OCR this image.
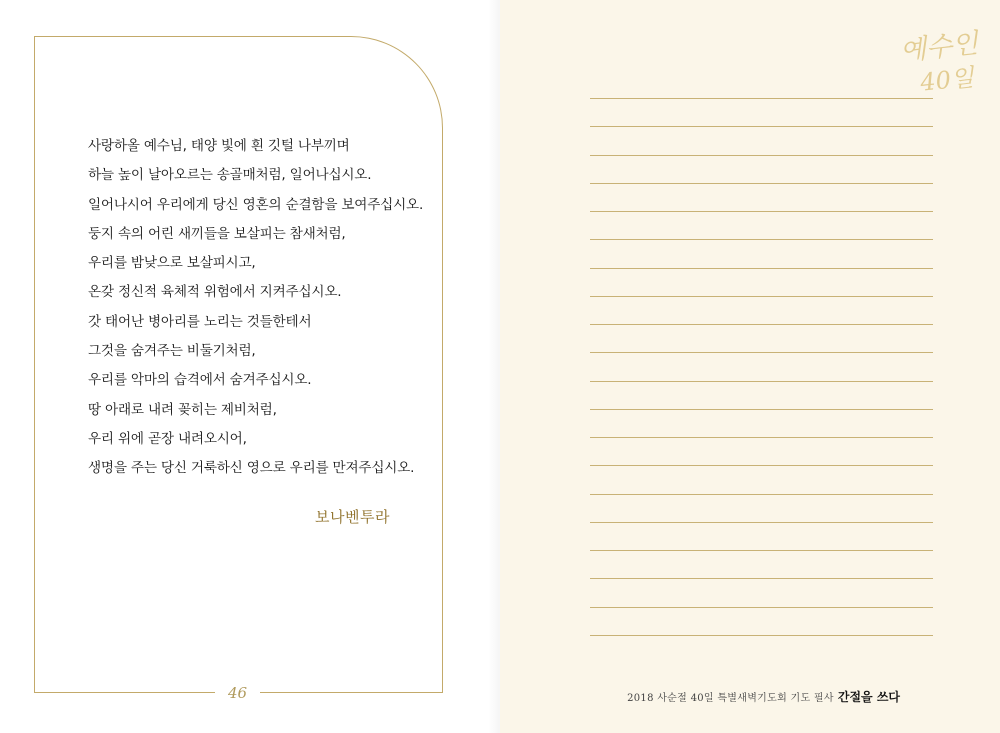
46
사랑하올 예수님, 태양 빛에 흰 깃털 나부끼며
하늘 높이 날아오르는 송골매처럼, 일어나십시오.
일어나시어 우리에게 당신 영혼의 순결함을 보여주십시오.
둥지 속의 어린 새끼들을 보살피는 참새처럼,
우리를 밤낮으로 보살피시고,
온갖 정신적 육체적 위험에서 지켜주십시오.
갓 태어난 병아리를 노리는 것들한테서
그것을 숨겨주는 비둘기처럼,
우리를 악마의 습격에서 숨겨주십시오.
땅 아래로 내려 꽂히는 제비처럼,
우리 위에 곧장 내려오시어,
생명을 주는 당신 거룩하신 영으로 우리를 만져주십시오.
보나벤투라
예수인
40일
2018 사순절 40일 특별새벽기도회 기도 필사 간절을 쓰다
